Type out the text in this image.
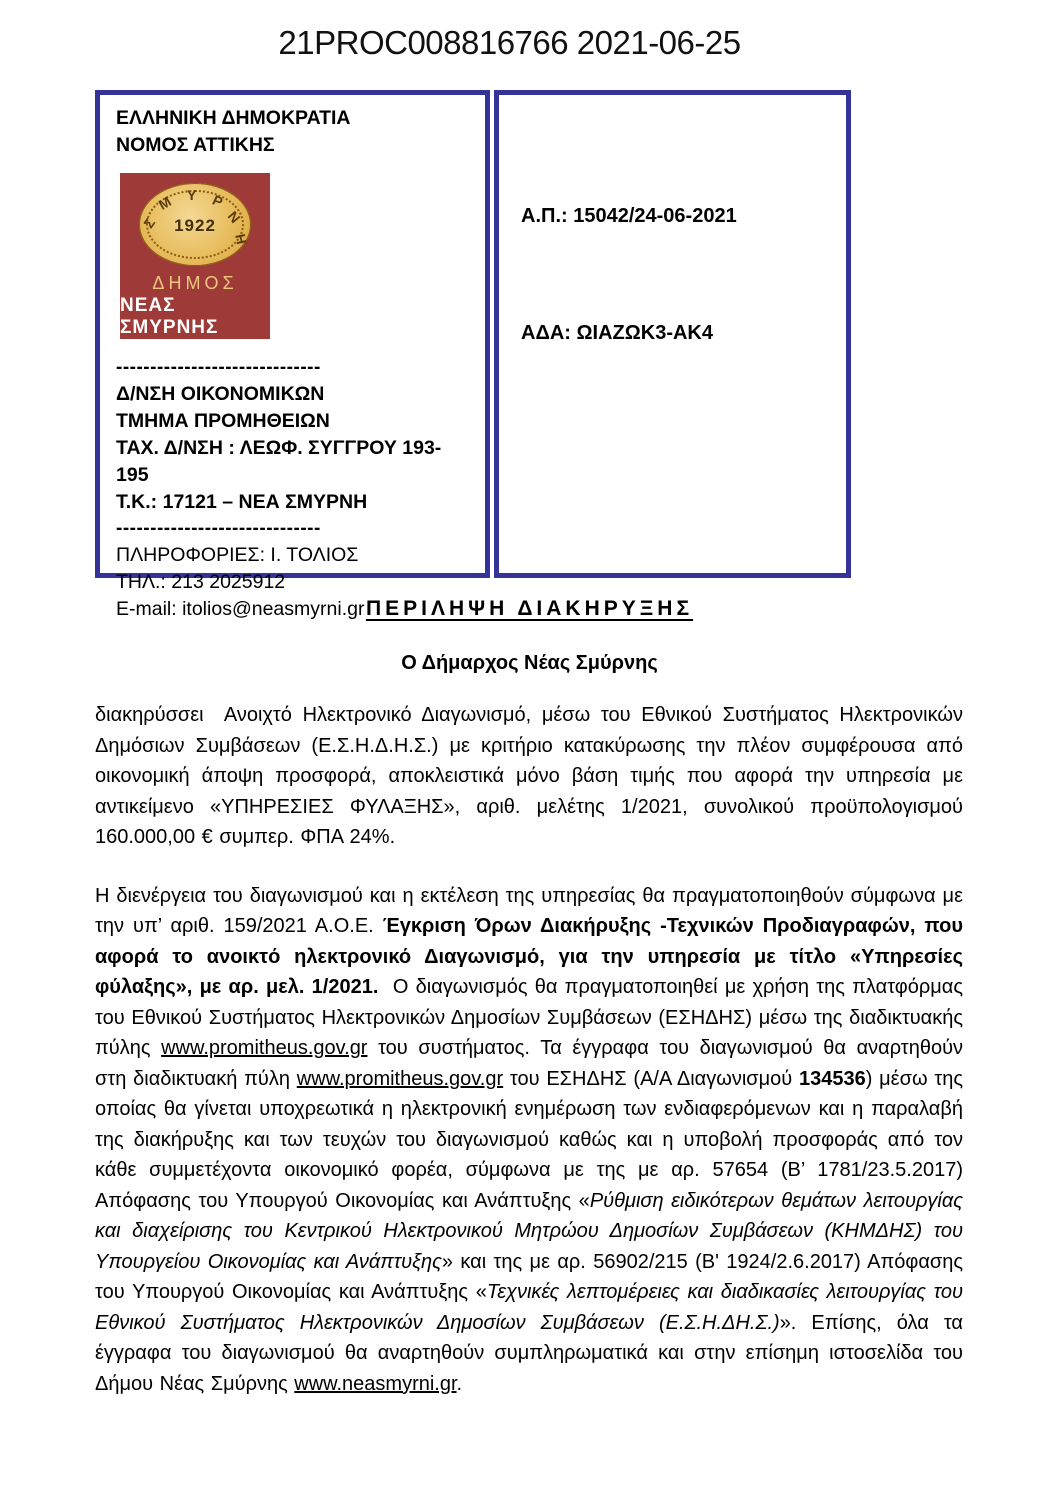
21PROC008816766 2021-06-25
ΕΛΛΗΝΙΚΗ ΔΗΜΟΚΡΑΤΙΑ
ΝΟΜΟΣ ΑΤΤΙΚΗΣ
Σ
Μ Υ Ρ
Ν
Η
1922
ΔΗΜΟΣ
ΝΕΑΣ ΣΜΥΡΝΗΣ
------------------------------
Δ/ΝΣΗ ΟΙΚΟΝΟΜΙΚΩΝ
ΤΜΗΜΑ ΠΡΟΜΗΘΕΙΩΝ
ΤΑΧ. Δ/ΝΣΗ : ΛΕΩΦ. ΣΥΓΓΡΟΥ 193-195
Τ.Κ.: 17121 – ΝΕΑ ΣΜΥΡΝΗ
------------------------------
ΠΛΗΡΟΦΟΡΙΕΣ: Ι. ΤΟΛΙΟΣ
ΤΗΛ.: 213 2025912
E-mail: itolios@neasmyrni.gr
Α.Π.: 15042/24-06-2021
ΑΔΑ: ΩΙΑΖΩΚ3-ΑΚ4
ΠΕΡΙΛΗΨΗ ΔΙΑΚΗΡΥΞΗΣ
Ο Δήμαρχος Νέας Σμύρνης

διακηρύσσει  Ανοιχτό Ηλεκτρονικό Διαγωνισμό, μέσω του Εθνικού Συστήματος Ηλεκτρονικών Δημόσιων Συμβάσεων (Ε.Σ.Η.Δ.Η.Σ.) με κριτήριο κατακύρωσης την πλέον συμφέρουσα από οικονομική άποψη προσφορά, αποκλειστικά μόνο βάση τιμής που αφορά την υπηρεσία με αντικείμενο «ΥΠΗΡΕΣΙΕΣ ΦΥΛΑΞΗΣ», αριθ. μελέτης 1/2021, συνολικού προϋπολογισμού 160.000,00 € συμπερ. ΦΠΑ 24%.

Η διενέργεια του διαγωνισμού και η εκτέλεση της υπηρεσίας θα πραγματοποιηθούν σύμφωνα με την υπ’ αριθ. 159/2021 Α.Ο.Ε. Έγκριση Όρων Διακήρυξης -Τεχνικών Προδιαγραφών, που αφορά το ανοικτό ηλεκτρονικό Διαγωνισμό, για την υπηρεσία με τίτλο «Υπηρεσίες φύλαξης», με αρ. μελ. 1/2021.  Ο διαγωνισμός θα πραγματοποιηθεί με χρήση της πλατφόρμας του Εθνικού Συστήματος Ηλεκτρονικών Δημοσίων Συμβάσεων (ΕΣΗΔΗΣ) μέσω της διαδικτυακής πύλης www.promitheus.gov.gr του συστήματος. Τα έγγραφα του διαγωνισμού θα αναρτηθούν στη διαδικτυακή πύλη www.promitheus.gov.gr του ΕΣΗΔΗΣ (Α/Α Διαγωνισμού 134536) μέσω της οποίας θα γίνεται υποχρεωτικά η ηλεκτρονική ενημέρωση των ενδιαφερόμενων και η παραλαβή της διακήρυξης και των τευχών του διαγωνισμού καθώς και η υποβολή προσφοράς από τον κάθε συμμετέχοντα οικονομικό φορέα, σύμφωνα με της με αρ. 57654 (Β’ 1781/23.5.2017) Απόφασης του Υπουργού Οικονομίας και Ανάπτυξης «Ρύθμιση ειδικότερων θεμάτων λειτουργίας και διαχείρισης του Κεντρικού Ηλεκτρονικού Μητρώου Δημοσίων Συμβάσεων (ΚΗΜΔΗΣ) του Υπουργείου Οικονομίας και Ανάπτυξης» και της με αρ. 56902/215 (Β' 1924/2.6.2017) Απόφασης του Υπουργού Οικονομίας και Ανάπτυξης «Τεχνικές λεπτομέρειες και διαδικασίες λειτουργίας του Εθνικού Συστήματος Ηλεκτρονικών Δημοσίων Συμβάσεων (Ε.Σ.Η.ΔΗ.Σ.)». Επίσης, όλα τα έγγραφα του διαγωνισμού θα αναρτηθούν συμπληρωματικά και στην επίσημη ιστοσελίδα του Δήμου Νέας Σμύρνης www.neasmyrni.gr.
